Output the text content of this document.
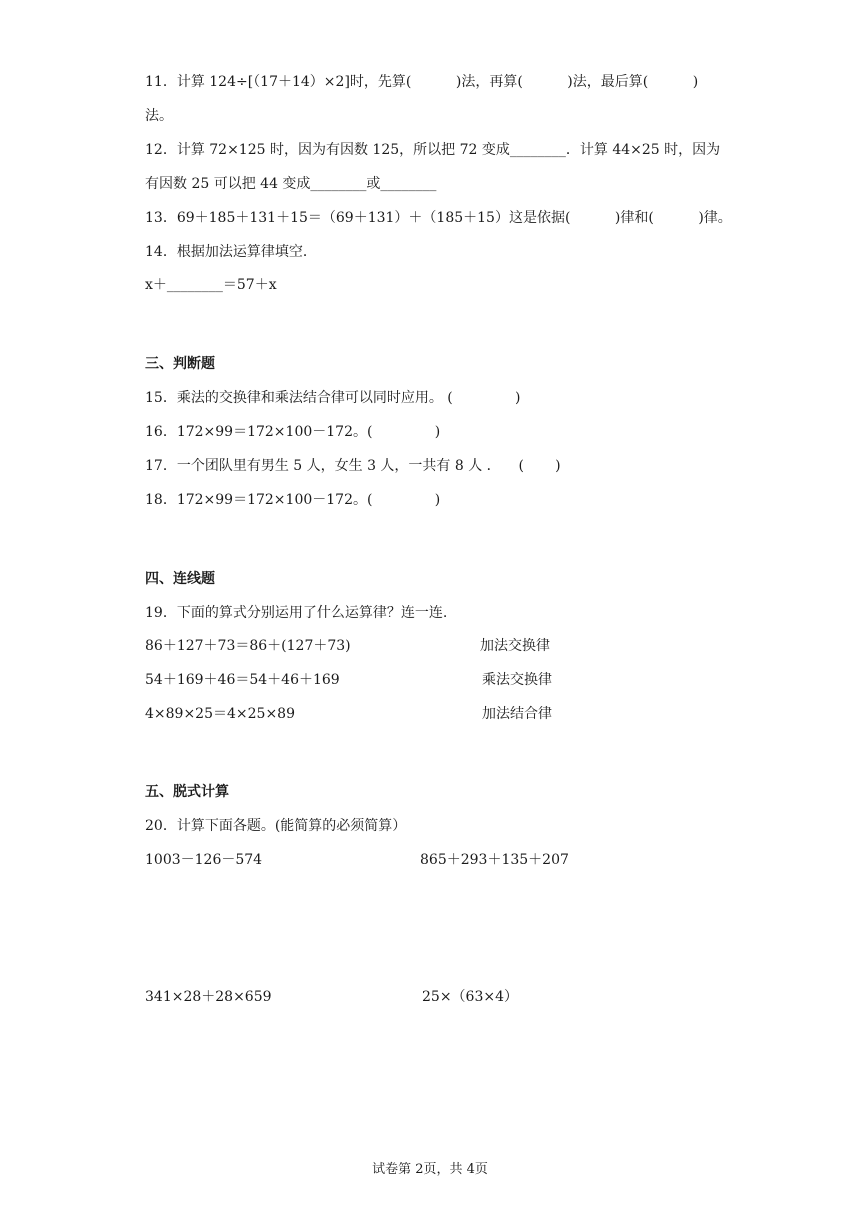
11．计算 124÷[（17＋14）×2]时，先算(          )法，再算(          )法，最后算(          )
法。
12．计算 72×125 时，因为有因数 125，所以把 72 变成________．计算 44×25 时，因为
有因数 25 可以把 44 变成________或________
13．69＋185＋131＋15＝（69＋131）＋（185＋15）这是依据(          )律和(          )律。
14．根据加法运算律填空．
x＋________＝57＋x
三、判断题
15．乘法的交换律和乘法结合律可以同时应用。 (              )
16．172×99＝172×100－172。(              )
17．一个团队里有男生 5 人，女生 3 人，一共有 8 人 ．    (       )
18．172×99＝172×100－172。(              )
四、连线题
19．下面的算式分别运用了什么运算律？连一连.
86＋127＋73＝86＋(127＋73)	加法交换律
54＋169＋46＝54＋46＋169	乘法交换律
4×89×25＝4×25×89	加法结合律
五、脱式计算
20．计算下面各题。(能简算的必须简算）
1003－126－574	865＋293＋135＋207
341×28＋28×659	25×（63×4）
试卷第 2页，共 4页
